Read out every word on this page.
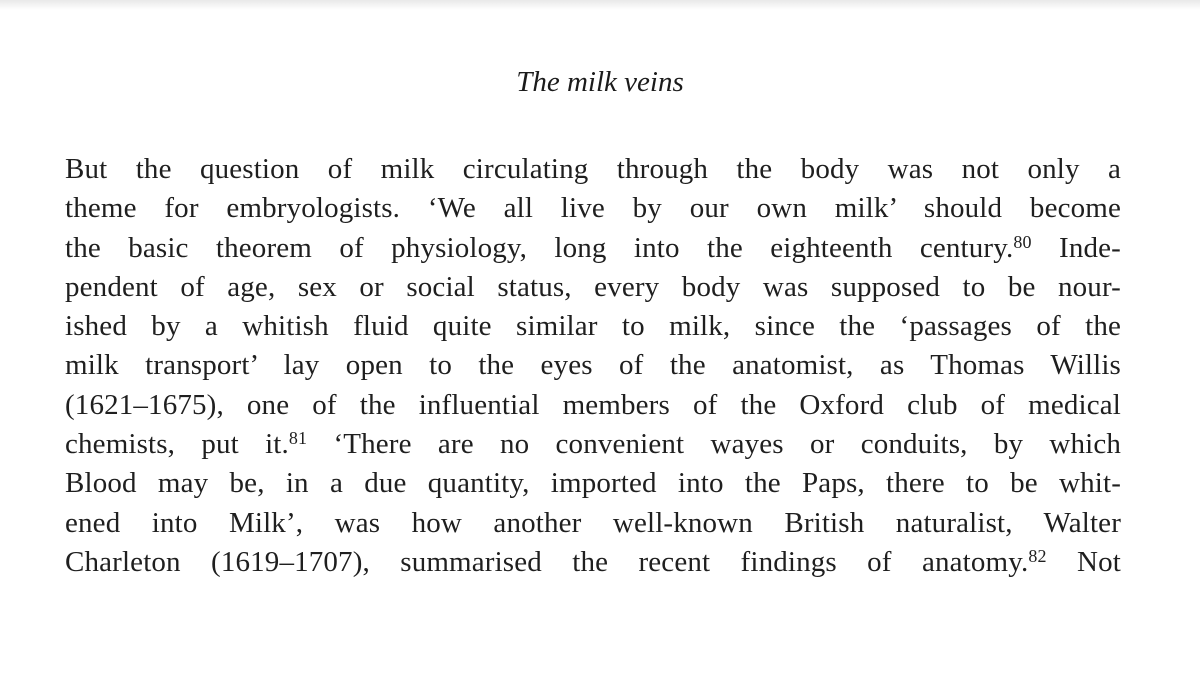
The milk veins
But the question of milk circulating through the body was not only a
theme for embryologists. ‘We all live by our own milk’ should become
the basic theorem of physiology, long into the eighteenth century.$^{80}$ Inde-
pendent of age, sex or social status, every body was supposed to be nour-
ished by a whitish fluid quite similar to milk, since the ‘passages of the
milk transport’ lay open to the eyes of the anatomist, as Thomas Willis
(1621–1675), one of the influential members of the Oxford club of medical
chemists, put it.$^{81}$ ‘There are no convenient wayes or conduits, by which
Blood may be, in a due quantity, imported into the Paps, there to be whit-
ened into Milk’, was how another well-known British naturalist, Walter
Charleton (1619–1707), summarised the recent findings of anatomy.$^{82}$ Not
